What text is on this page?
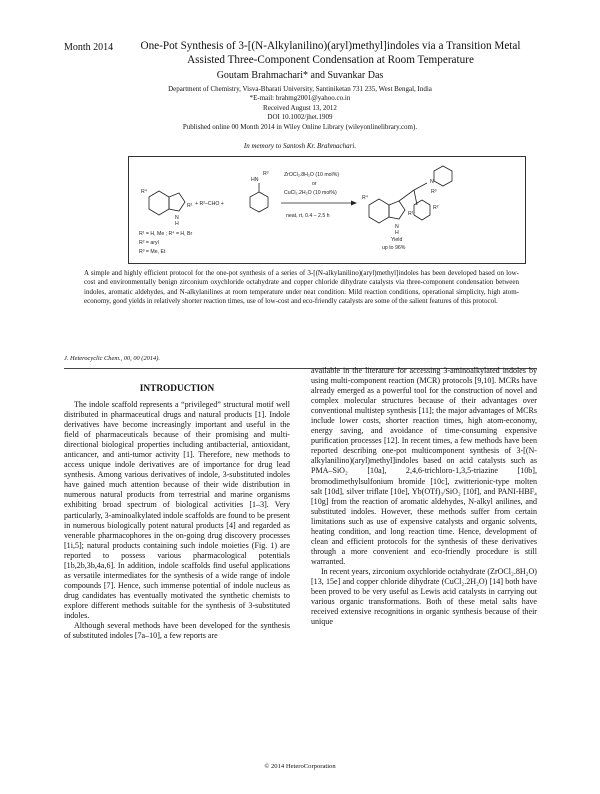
Month 2014	One-Pot Synthesis of 3-[(N-Alkylanilino)(aryl)methyl]indoles via a Transition Metal Assisted Three-Component Condensation at Room Temperature
Goutam Brahmachari* and Suvankar Das
Department of Chemistry, Visva-Bharati University, Santiniketan 731 235, West Bengal, India
*E-mail: brahmg2001@yahoo.co.in
Received August 13, 2012
DOI 10.1002/jhet.1909
Published online 00 Month 2014 in Wiley Online Library (wileyonlinelibrary.com).
In memory to Santosh Kr. Brahmachari.
R⁴
R¹
N
H
+ R²–CHO +
HN
R³	ZrOCl₂.8H₂O (10 mol%)
or
CuCl₂.2H₂O (10 mol%)
neat, rt, 0.4 – 2.5 h
N
R³
R²
R⁴
R¹
N
H
R¹ = H, Me ; R⁴ = H, Br
R² = aryl
R³ = Me, Et
Yield
up to 96%
A simple and highly efficient protocol for the one-pot synthesis of a series of 3-[(N-alkylanilino)(aryl)methyl]indoles has been developed based on low-cost and environmentally benign zirconium oxychloride octahydrate and copper chloride dihydrate catalysts via three-component condensation between indoles, aromatic aldehydes, and N-alkylanilines at room temperature under neat condition. Mild reaction conditions, operational simplicity, high atom-economy, good yields in relatively shorter reaction times, use of low-cost and eco-friendly catalysts are some of the salient features of this protocol.
J. Heterocyclic Chem., 00, 00 (2014).
INTRODUCTION

The indole scaffold represents a “privileged” structural motif well distributed in pharmaceutical drugs and natural products [1]. Indole derivatives have become increasingly important and useful in the field of pharmaceuticals because of their promising and multi-directional biological properties including antibacterial, antioxidant, anticancer, and anti-tumor activity [1]. Therefore, new methods to access unique indole derivatives are of importance for drug lead synthesis. Among various derivatives of indole, 3-substituted indoles have gained much attention because of their wide distribution in numerous natural products from terrestrial and marine organisms exhibiting broad spectrum of biological activities [1–3]. Very particularly, 3-aminoalkylated indole scaffolds are found to be present in numerous biologically potent natural products [4] and regarded as venerable pharmacophores in the on-going drug discovery processes [1i,5]; natural products containing such indole moieties (Fig. 1) are reported to possess various pharmacological potentials [1b,2b,3b,4a,6]. In addition, indole scaffolds find useful applications as versatile intermediates for the synthesis of a wide range of indole compounds [7]. Hence, such immense potential of indole nucleus as drug candidates has eventually motivated the synthetic chemists to explore different methods suitable for the synthesis of 3-substituted indoles.

Although several methods have been developed for the synthesis of substituted indoles [7a–10], a few reports are

available in the literature for accessing 3-aminoalkylated indoles by using multi-component reaction (MCR) protocols [9,10]. MCRs have already emerged as a powerful tool for the construction of novel and complex molecular structures because of their advantages over conventional multistep synthesis [11]; the major advantages of MCRs include lower costs, shorter reaction times, high atom-economy, energy saving, and avoidance of time-consuming expensive purification processes [12]. In recent times, a few methods have been reported describing one-pot multicomponent synthesis of 3-[(N-alkylanilino)(aryl)methyl]indoles based on acid catalysts such as PMA–SiO₂ [10a], 2,4,6-trichloro-1,3,5-triazine [10b], bromodimethylsulfonium bromide [10c], zwitterionic-type molten salt [10d], silver triflate [10e], Yb(OTf)₃/SiO₂ [10f], and PANI-HBF₄ [10g] from the reaction of aromatic aldehydes, N-alkyl anilines, and substituted indoles. However, these methods suffer from certain limitations such as use of expensive catalysts and organic solvents, heating condition, and long reaction time. Hence, development of clean and efficient protocols for the synthesis of these derivatives through a more convenient and eco-friendly procedure is still warranted.

In recent years, zirconium oxychloride octahydrate (ZrOCl₂.8H₂O) [13, 15e] and copper chloride dihydrate (CuCl₂.2H₂O) [14] both have been proved to be very useful as Lewis acid catalysts in carrying out various organic transformations. Both of these metal salts have received extensive recognitions in organic synthesis because of their unique

© 2014 HeteroCorporation
